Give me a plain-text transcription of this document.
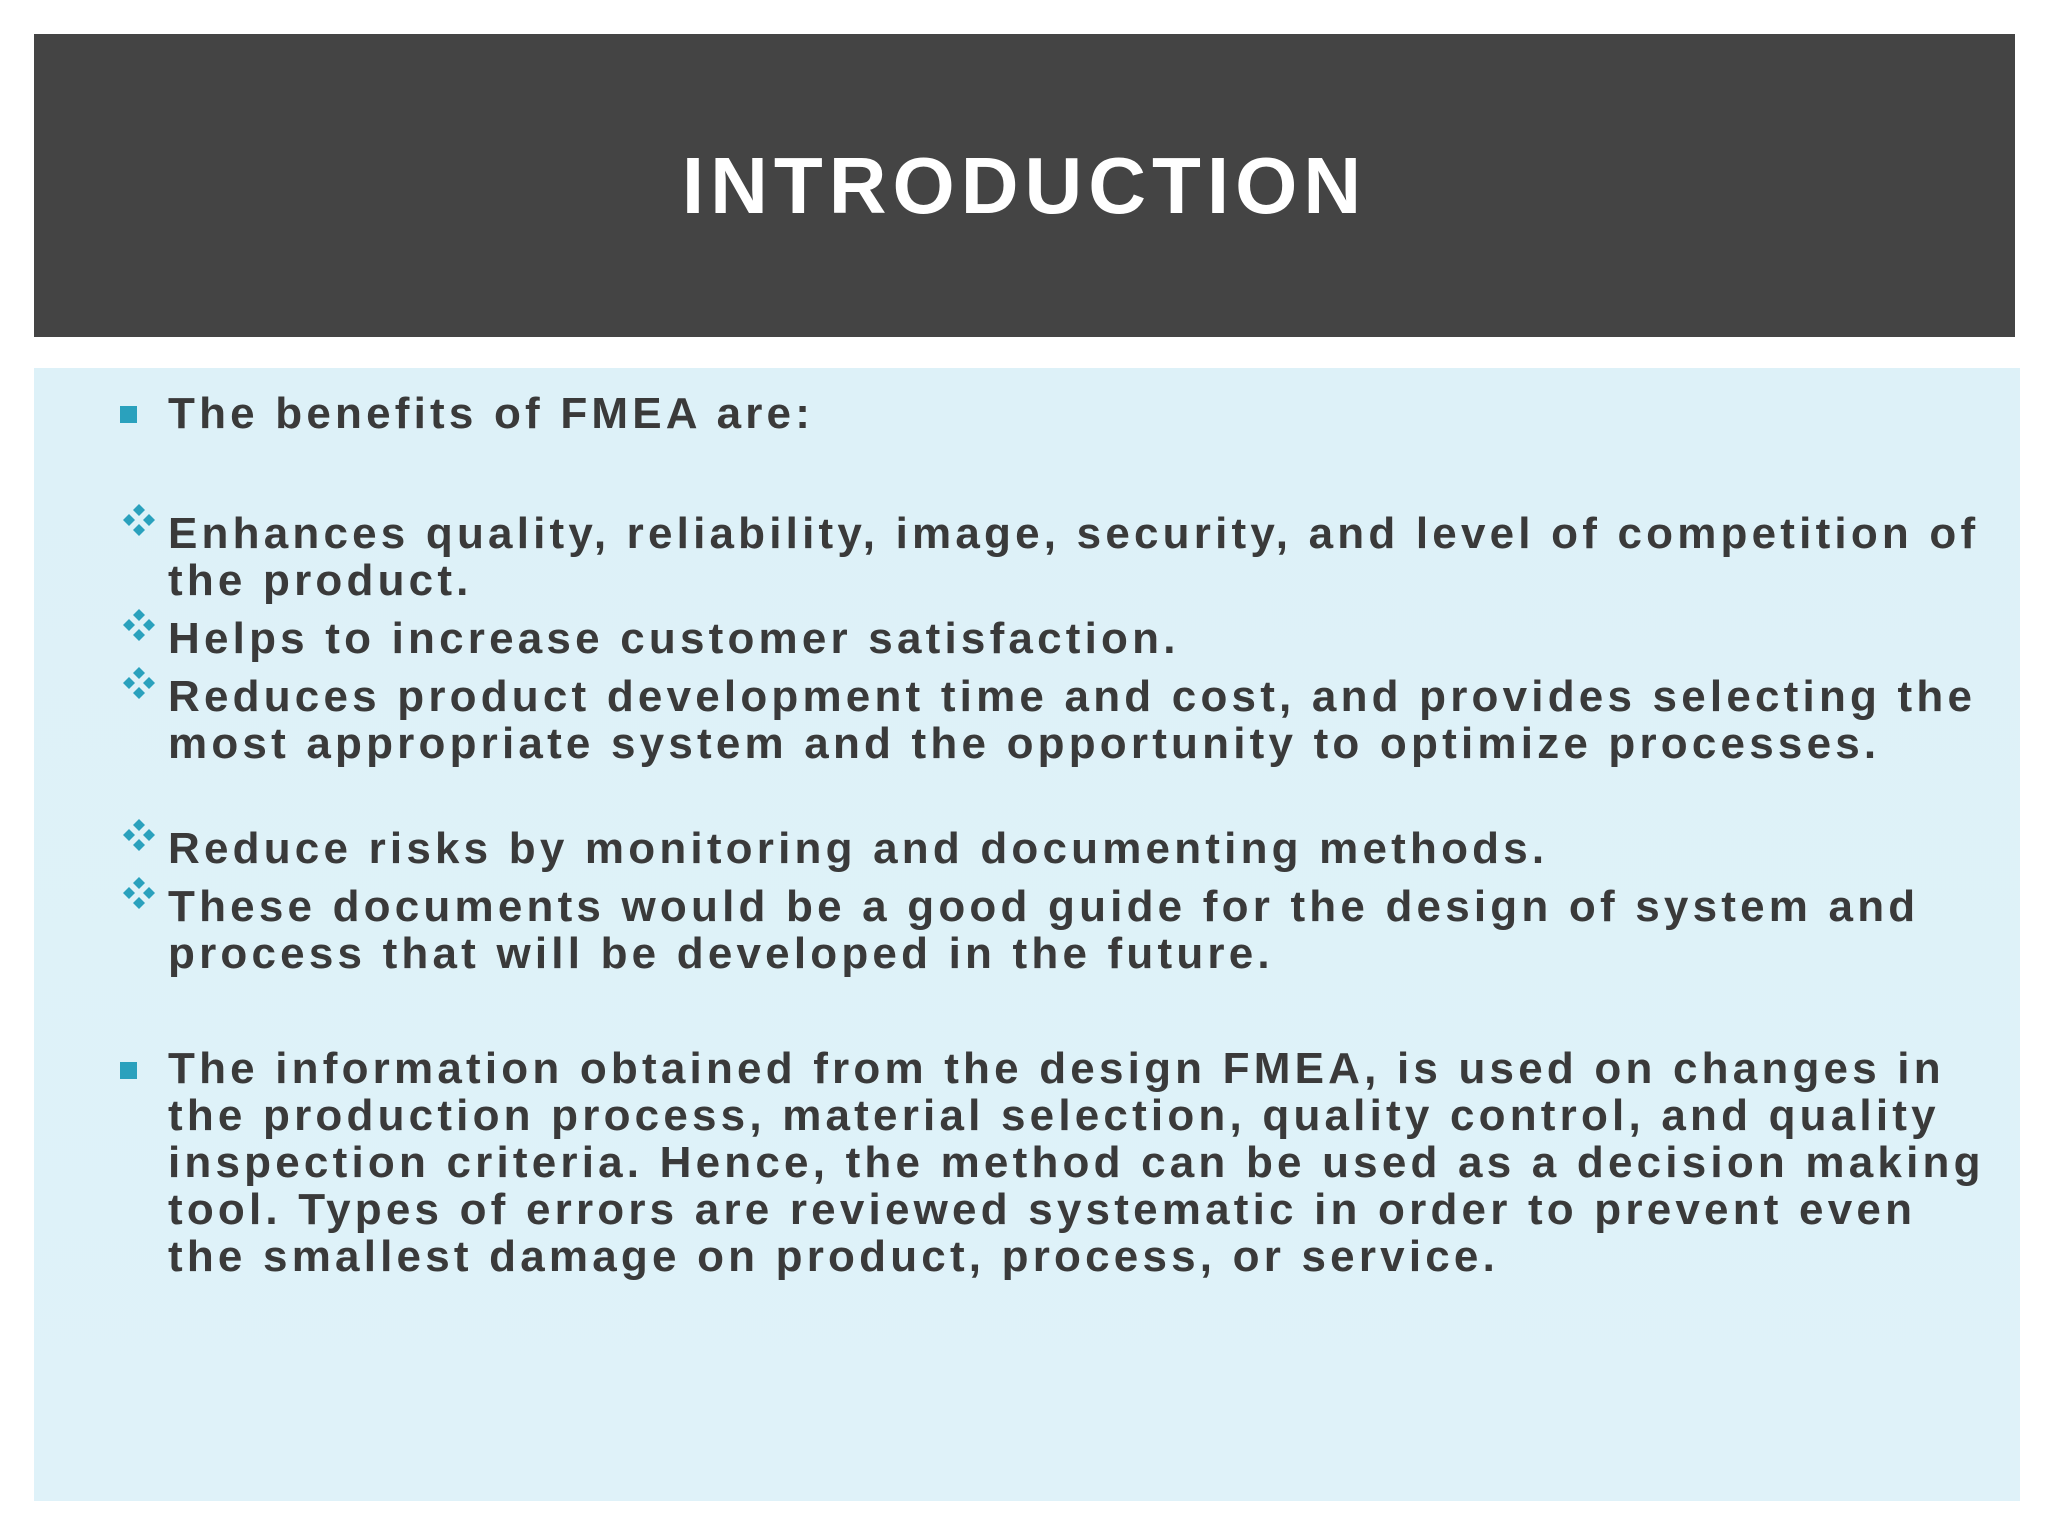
INTRODUCTION

The benefits of FMEA are:

Enhances quality, reliability, image, security, and level of competition of the product.

Helps to increase customer satisfaction.

Reduces product development time and cost, and provides selecting the most appropriate system and the opportunity to optimize processes.

Reduce risks by monitoring and documenting methods.

These documents would be a good guide for the design of system and process that will be developed in the future.

The information obtained from the design FMEA, is used on changes in the production process, material selection, quality control, and quality inspection criteria. Hence, the method can be used as a decision making tool. Types of errors are reviewed systematic in order to prevent even the smallest damage on product, process, or service.
